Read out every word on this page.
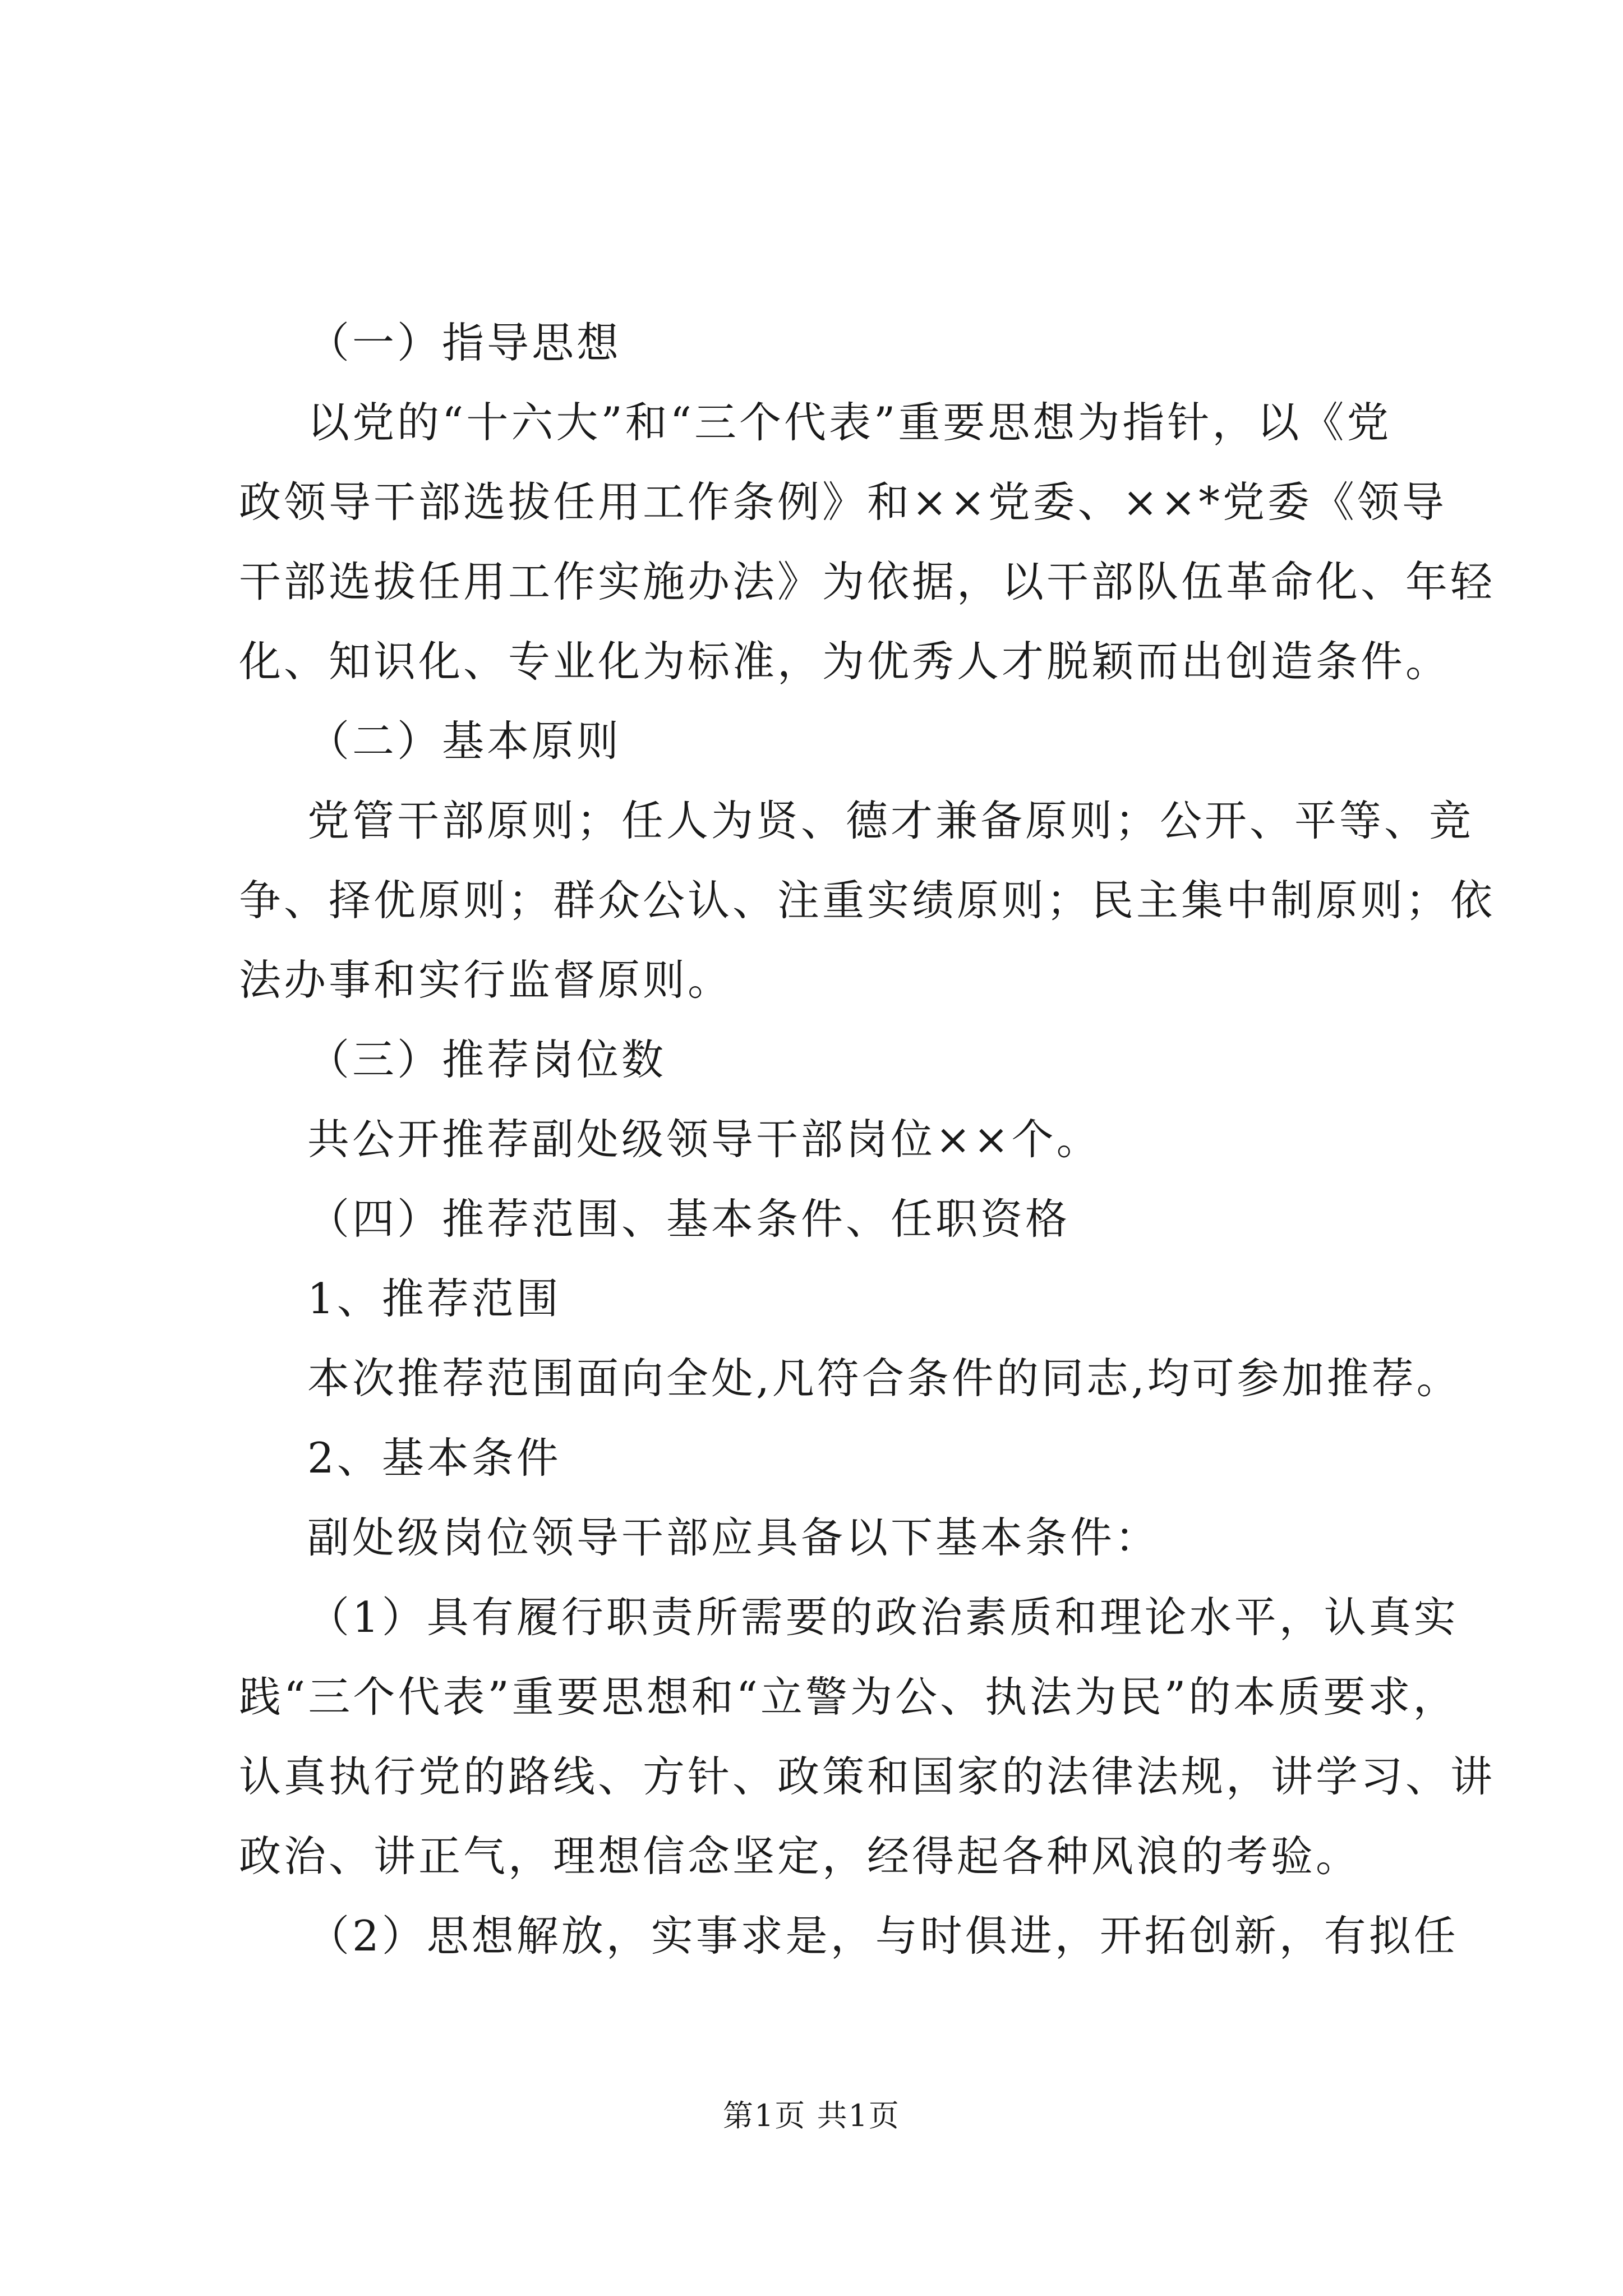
（一）指导思想
以党的“十六大”和“三个代表”重要思想为指针，以《党
政领导干部选拔任用工作条例》和××党委、××*党委《领导
干部选拔任用工作实施办法》为依据，以干部队伍革命化、年轻
化、知识化、专业化为标准，为优秀人才脱颖而出创造条件。
（二）基本原则
党管干部原则；任人为贤、德才兼备原则；公开、平等、竞
争、择优原则；群众公认、注重实绩原则；民主集中制原则；依
法办事和实行监督原则。
（三）推荐岗位数
共公开推荐副处级领导干部岗位××个。
（四）推荐范围、基本条件、任职资格
1、推荐范围
本次推荐范围面向全处,凡符合条件的同志,均可参加推荐。
2、基本条件
副处级岗位领导干部应具备以下基本条件：
（1）具有履行职责所需要的政治素质和理论水平，认真实
践“三个代表”重要思想和“立警为公、执法为民”的本质要求，
认真执行党的路线、方针、政策和国家的法律法规，讲学习、讲
政治、讲正气，理想信念坚定，经得起各种风浪的考验。
（2）思想解放，实事求是，与时俱进，开拓创新，有拟任
第1页 共1页
